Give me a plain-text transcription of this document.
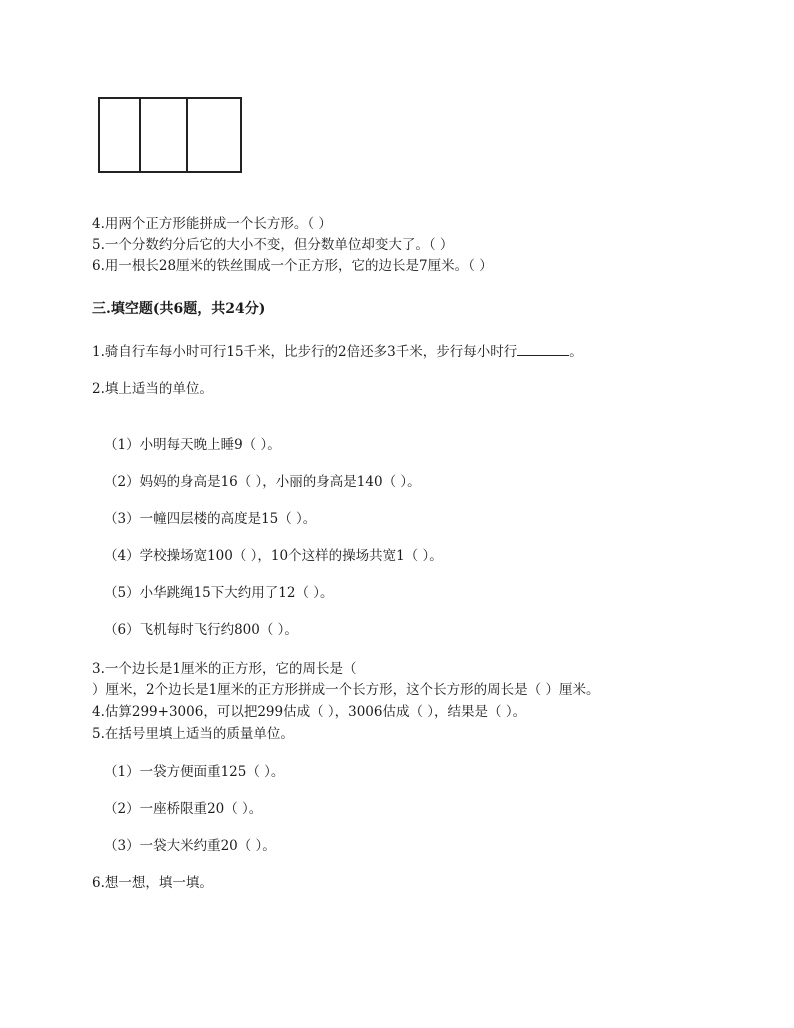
4.用两个正方形能拼成一个长方形。（ ）
5.一个分数约分后它的大小不变，但分数单位却变大了。（ ）
6.用一根长28厘米的铁丝围成一个正方形，它的边长是7厘米。（ ）
三.填空题(共6题，共24分)
1.骑自行车每小时可行15千米，比步行的2倍还多3千米，步行每小时行	。
2.填上适当的单位。
（1）小明每天晚上睡9（ ）。
（2）妈妈的身高是16（ ），小丽的身高是140（ ）。
（3）一幢四层楼的高度是15（ ）。
（4）学校操场宽100（ ），10个这样的操场共宽1（ ）。
（5）小华跳绳15下大约用了12（ ）。
（6）飞机每时飞行约800（ ）。
3.一个边长是1厘米的正方形，它的周长是（
）厘米，2个边长是1厘米的正方形拼成一个长方形，这个长方形的周长是（ ）厘米。
4.估算299+3006，可以把299估成（ ），3006估成（ ），结果是（ ）。
5.在括号里填上适当的质量单位。
（1）一袋方便面重125（ ）。
（2）一座桥限重20（ ）。
（3）一袋大米约重20（ ）。
6.想一想，填一填。
